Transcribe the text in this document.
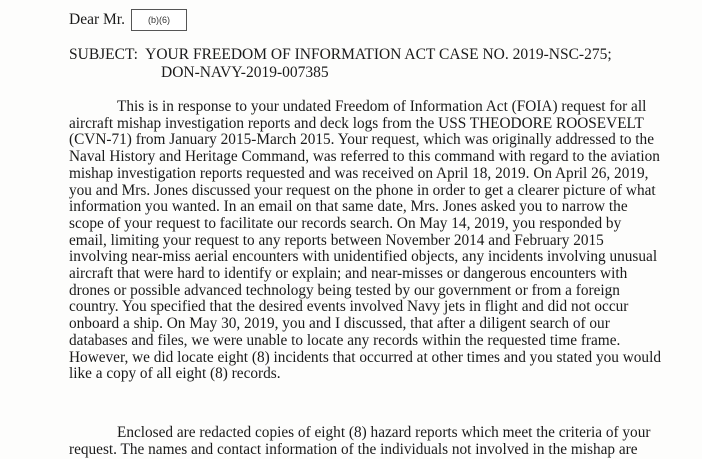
Dear Mr.	(b)(6)
SUBJECT:  YOUR FREEDOM OF INFORMATION ACT CASE NO. 2019-NSC-275;
DON-NAVY-2019-007385

This is in response to your undated Freedom of Information Act (FOIA) request for all
aircraft mishap investigation reports and deck logs from the USS THEODORE ROOSEVELT
(CVN-71) from January 2015-March 2015. Your request, which was originally addressed to the
Naval History and Heritage Command, was referred to this command with regard to the aviation
mishap investigation reports requested and was received on April 18, 2019. On April 26, 2019,
you and Mrs. Jones discussed your request on the phone in order to get a clearer picture of what
information you wanted. In an email on that same date, Mrs. Jones asked you to narrow the
scope of your request to facilitate our records search. On May 14, 2019, you responded by
email, limiting your request to any reports between November 2014 and February 2015
involving near-miss aerial encounters with unidentified objects, any incidents involving unusual
aircraft that were hard to identify or explain; and near-misses or dangerous encounters with
drones or possible advanced technology being tested by our government or from a foreign
country. You specified that the desired events involved Navy jets in flight and did not occur
onboard a ship. On May 30, 2019, you and I discussed, that after a diligent search of our
databases and files, we were unable to locate any records within the requested time frame.
However, we did locate eight (8) incidents that occurred at other times and you stated you would
like a copy of all eight (8) records.

Enclosed are redacted copies of eight (8) hazard reports which meet the criteria of your
request. The names and contact information of the individuals not involved in the mishap are
